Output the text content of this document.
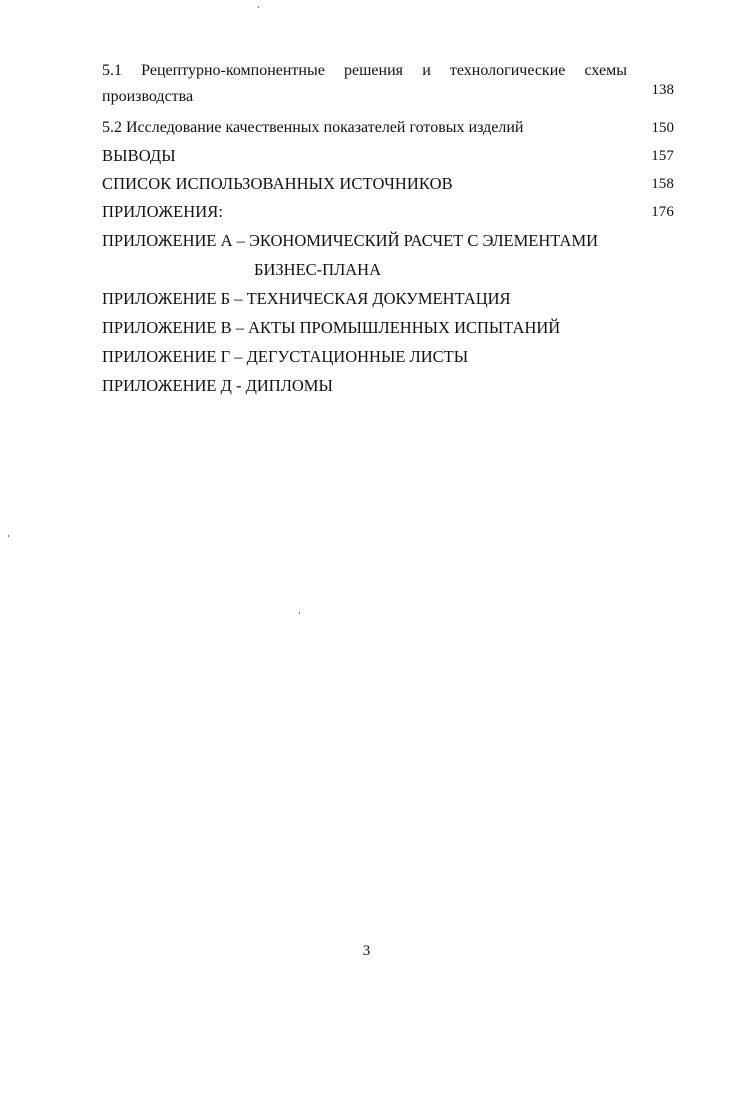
5.1 Рецептурно-компонентные решения и технологические схемы
производства	138
5.2 Исследование качественных показателей готовых изделий	150
ВЫВОДЫ	157
СПИСОК ИСПОЛЬЗОВАННЫХ ИСТОЧНИКОВ	158
ПРИЛОЖЕНИЯ:	176
ПРИЛОЖЕНИЕ А – ЭКОНОМИЧЕСКИЙ РАСЧЕТ С ЭЛЕМЕНТАМИ
БИЗНЕС-ПЛАНА
ПРИЛОЖЕНИЕ Б – ТЕХНИЧЕСКАЯ ДОКУМЕНТАЦИЯ
ПРИЛОЖЕНИЕ В – АКТЫ ПРОМЫШЛЕННЫХ ИСПЫТАНИЙ
ПРИЛОЖЕНИЕ Г – ДЕГУСТАЦИОННЫЕ ЛИСТЫ
ПРИЛОЖЕНИЕ Д - ДИПЛОМЫ
3
